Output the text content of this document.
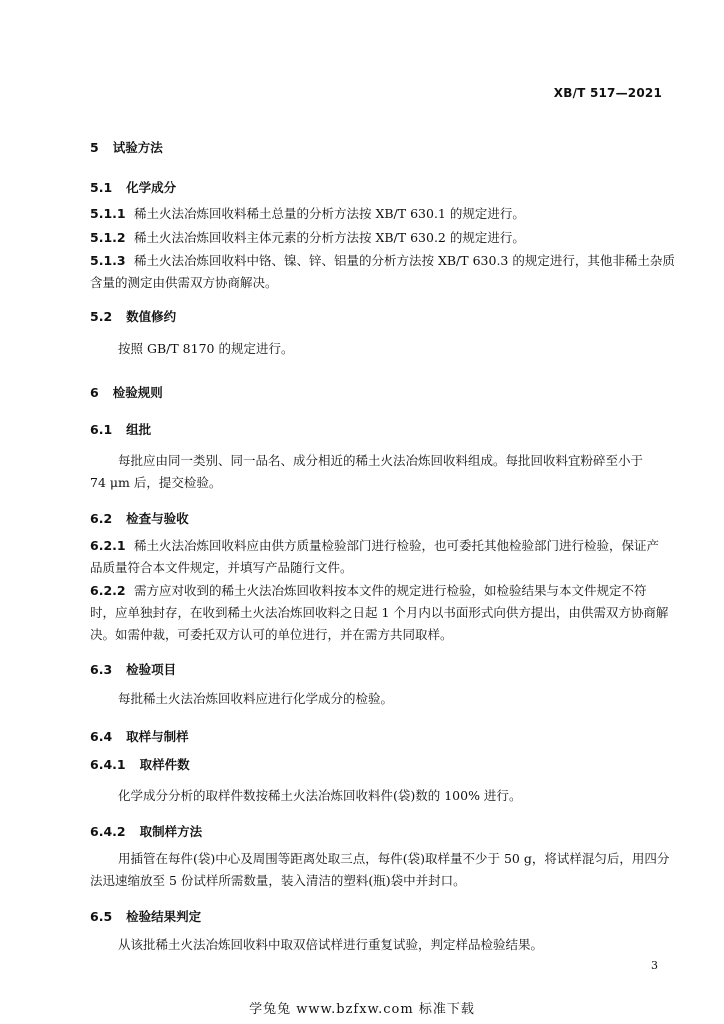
XB/T 517—2021
5 试验方法
5.1 化学成分
5.1.1 稀土火法冶炼回收料稀土总量的分析方法按 XB/T 630.1 的规定进行。
5.1.2 稀土火法冶炼回收料主体元素的分析方法按 XB/T 630.2 的规定进行。
5.1.3 稀土火法冶炼回收料中铬、镍、锌、铝量的分析方法按 XB/T 630.3 的规定进行，其他非稀土杂质
含量的测定由供需双方协商解决。
5.2 数值修约
按照 GB/T 8170 的规定进行。
6 检验规则
6.1 组批
每批应由同一类别、同一品名、成分相近的稀土火法冶炼回收料组成。每批回收料宜粉碎至小于
74 μm 后，提交检验。
6.2 检查与验收
6.2.1 稀土火法冶炼回收料应由供方质量检验部门进行检验，也可委托其他检验部门进行检验，保证产
品质量符合本文件规定，并填写产品随行文件。
6.2.2 需方应对收到的稀土火法冶炼回收料按本文件的规定进行检验，如检验结果与本文件规定不符
时，应单独封存，在收到稀土火法冶炼回收料之日起 1 个月内以书面形式向供方提出，由供需双方协商解
决。如需仲裁，可委托双方认可的单位进行，并在需方共同取样。
6.3 检验项目
每批稀土火法冶炼回收料应进行化学成分的检验。
6.4 取样与制样
6.4.1 取样件数
化学成分分析的取样件数按稀土火法冶炼回收料件(袋)数的 100% 进行。
6.4.2 取制样方法
用插管在每件(袋)中心及周围等距离处取三点，每件(袋)取样量不少于 50 g，将试样混匀后，用四分
法迅速缩放至 5 份试样所需数量，装入清洁的塑料(瓶)袋中并封口。
6.5 检验结果判定
从该批稀土火法冶炼回收料中取双倍试样进行重复试验，判定样品检验结果。
3
学兔兔 www.bzfxw.com 标准下载
